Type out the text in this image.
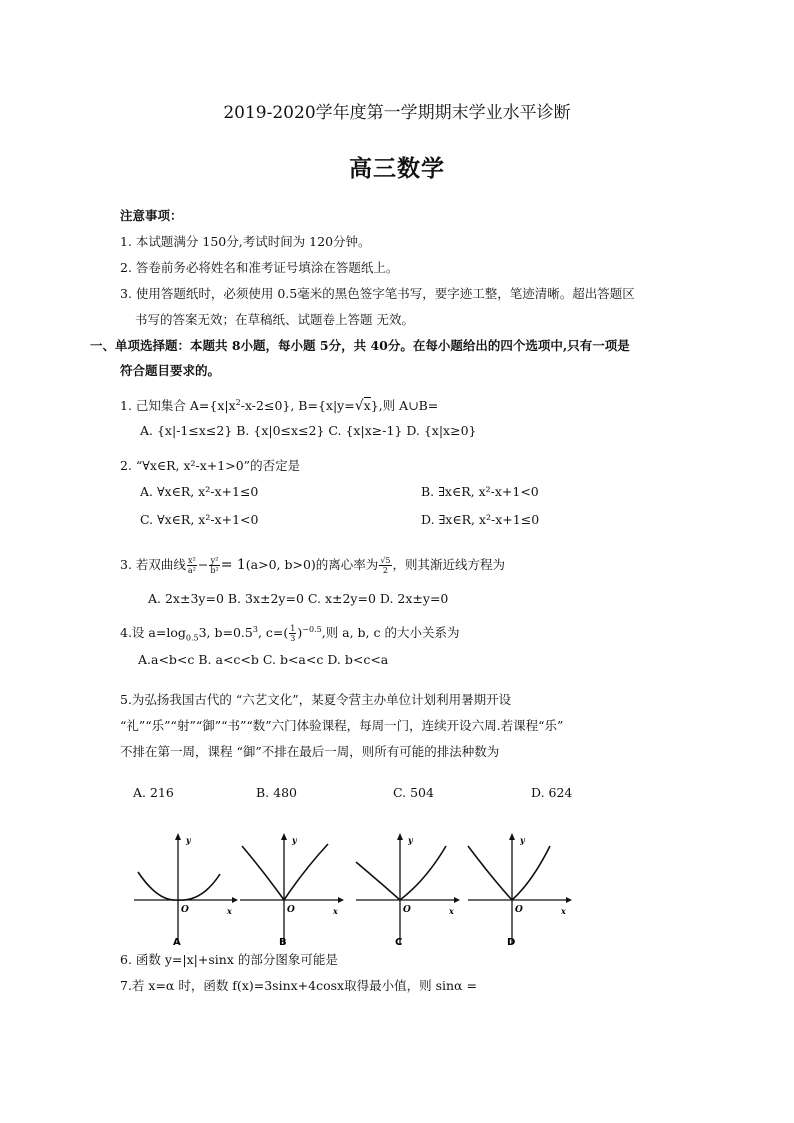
2019-2020学年度第一学期期末学业水平诊断
高三数学
注意事项：
1. 本试题满分 150分,考试时间为 120分钟。
2. 答卷前务必将姓名和准考证号填涂在答题纸上。
3. 使用答题纸时，必须使用 0.5毫米的黑色签字笔书写，要字迹工整，笔迹清晰。超出答题区
书写的答案无效；在草稿纸、试题卷上答题 无效。
一、单项选择题：本题共 8小题，每小题 5分，共 40分。在每小题给出的四个选项中,只有一项是
符合题目要求的。
1. 己知集合 $A=\{x|x^2-x-2\le 0\}$, B={x|y=√x},则 A∪B=
A. {x|-1≤x≤2} B. {x|0≤x≤2} C. {x|x≥-1} D. {x|x≥0}
2. “∀x∈R, x²-x+1>0”的否定是
A. ∀x∈R, x²-x+1≤0	B. ∃x∈R, x²-x+1<0
C. ∀x∈R, x²-x+1<0	D. ∃x∈R, x²-x+1≤0
3. 若双曲线 $\frac{\text{x²}}{\text{a²}} - \frac{\text{y²}}{\text{b²}} = 1(a>0$, b>0)的离心率为 $\frac{√5}{2}$ ，则其渐近线方程为
A. 2x±3y=0 B. 3x±2y=0 C. x±2y=0 D. 2x±y=0
4.设 $a=\log_{0.5}3$, $b=0.5^3$, $c=( \frac{1}{3} )^{-0.5}$,则 a, b, c 的大小关系为
A.a<b<c B. a<c<b C. b<a<c D. b<c<a
5.为弘扬我国古代的 “六艺文化”，某夏令营主办单位计划利用暑期开设
“礼”“乐”“射”“御”“书”“数”六门体验课程，每周一门，连续开设六周.若课程“乐”
不排在第一周，课程 “御”不排在最后一周，则所有可能的排法种数为
A. 216	B. 480	C. 504	D. 624
y
O	x
A
y
O	x
B
y
O	x
C
y
O	x
D
6. 函数 y=|x|+sinx 的部分图象可能是
7.若 x=α 时，函数 f(x)=3sinx+4cosx取得最小值，则 sinα =
